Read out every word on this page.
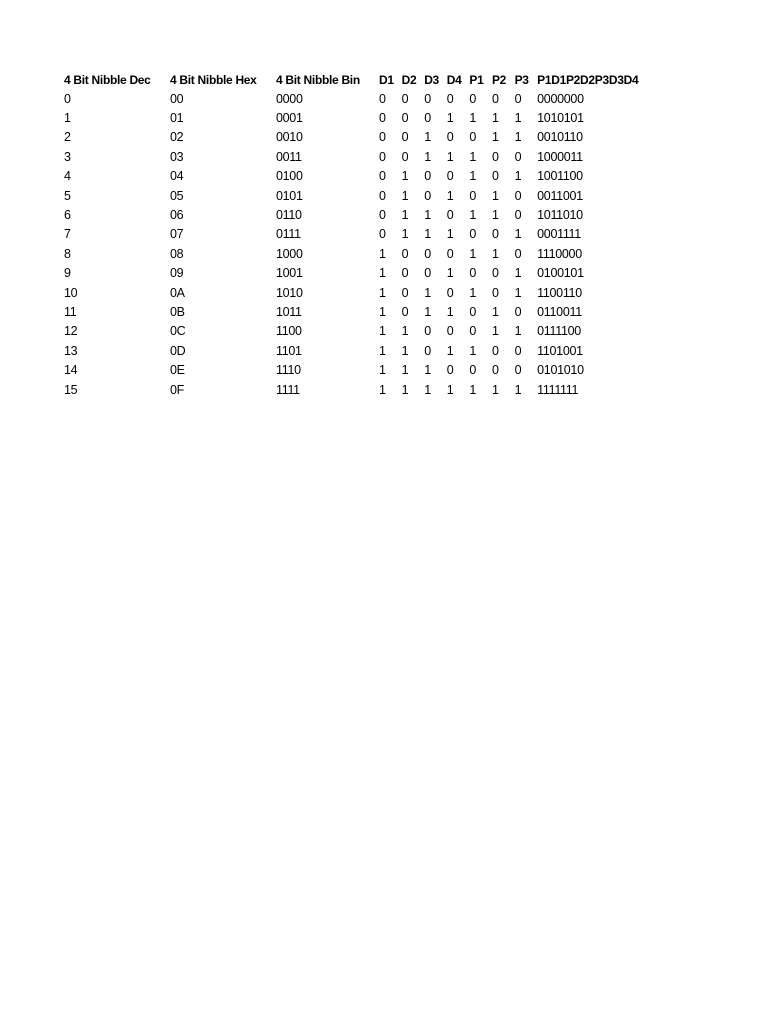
4 Bit Nibble Dec	4 Bit Nibble Hex	4 Bit Nibble Bin	D1	D2	D3	D4	P1	P2	P3	P1D1P2D2P3D3D4
0	00	0000	0	0	0	0	0	0	0	0000000
1	01	0001	0	0	0	1	1	1	1	1010101
2	02	0010	0	0	1	0	0	1	1	0010110
3	03	0011	0	0	1	1	1	0	0	1000011
4	04	0100	0	1	0	0	1	0	1	1001100
5	05	0101	0	1	0	1	0	1	0	0011001
6	06	0110	0	1	1	0	1	1	0	1011010
7	07	0111	0	1	1	1	0	0	1	0001111
8	08	1000	1	0	0	0	1	1	0	1110000
9	09	1001	1	0	0	1	0	0	1	0100101
10	0A	1010	1	0	1	0	1	0	1	1100110
11	0B	1011	1	0	1	1	0	1	0	0110011
12	0C	1100	1	1	0	0	0	1	1	0111100
13	0D	1101	1	1	0	1	1	0	0	1101001
14	0E	1110	1	1	1	0	0	0	0	0101010
15	0F	1111	1	1	1	1	1	1	1	1111111
